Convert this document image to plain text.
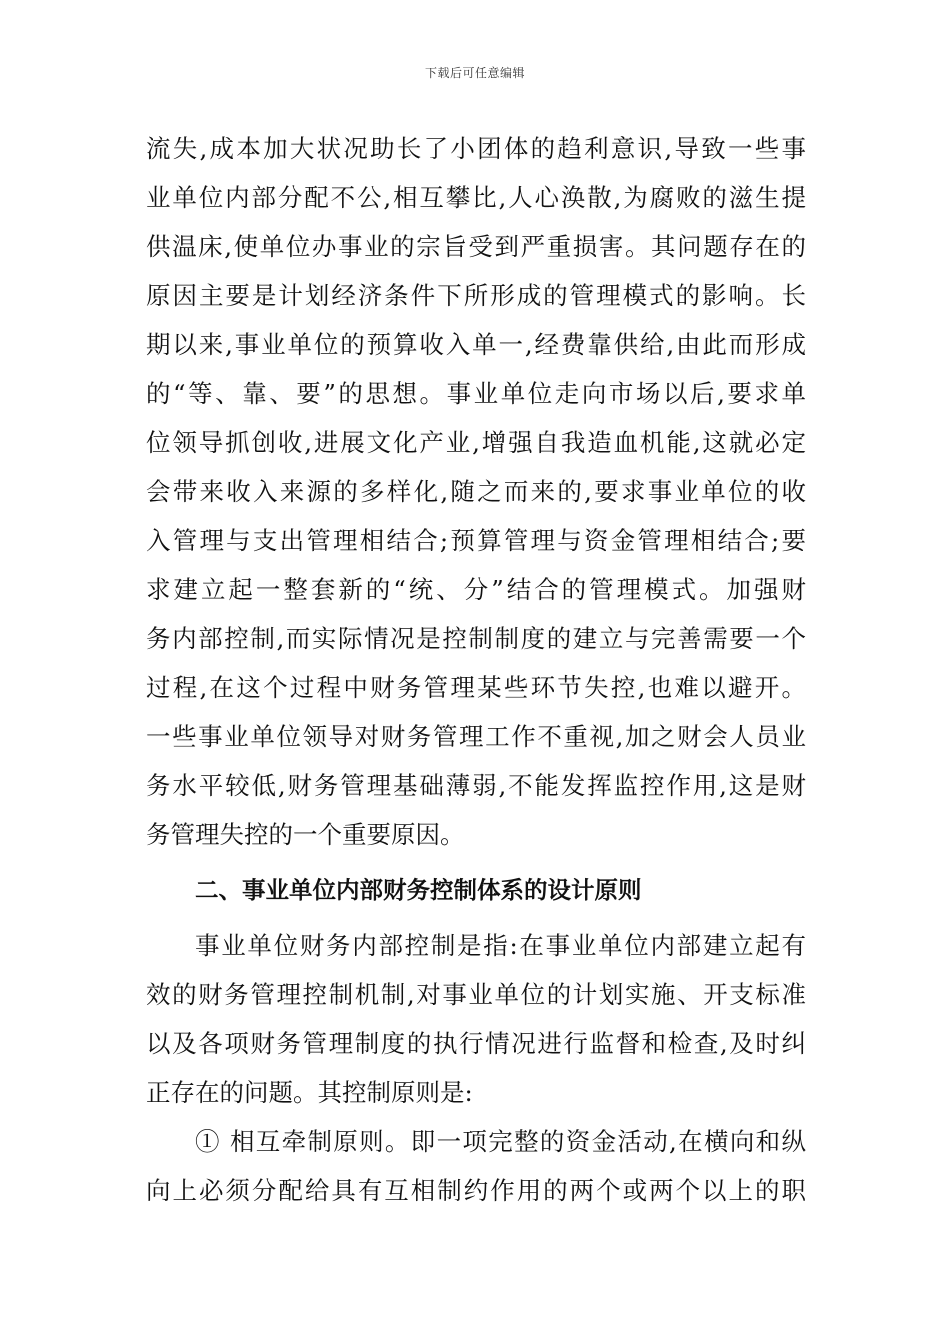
下载后可任意编辑
流失,成本加大状况助长了小团体的趋利意识,导致一些事
业单位内部分配不公,相互攀比,人心涣散,为腐败的滋生提
供温床,使单位办事业的宗旨受到严重损害。其问题存在的
原因主要是计划经济条件下所形成的管理模式的影响。长
期以来,事业单位的预算收入单一,经费靠供给,由此而形成
的“等、靠、要”的思想。事业单位走向市场以后,要求单
位领导抓创收,进展文化产业,增强自我造血机能,这就必定
会带来收入来源的多样化,随之而来的,要求事业单位的收
入管理与支出管理相结合;预算管理与资金管理相结合;要
求建立起一整套新的“统、分”结合的管理模式。加强财
务内部控制,而实际情况是控制制度的建立与完善需要一个
过程,在这个过程中财务管理某些环节失控,也难以避开。
一些事业单位领导对财务管理工作不重视,加之财会人员业
务水平较低,财务管理基础薄弱,不能发挥监控作用,这是财
务管理失控的一个重要原因。
二、事业单位内部财务控制体系的设计原则
事业单位财务内部控制是指:在事业单位内部建立起有
效的财务管理控制机制,对事业单位的计划实施、开支标准
以及各项财务管理制度的执行情况进行监督和检查,及时纠
正存在的问题。其控制原则是:
① 相互牵制原则。即一项完整的资金活动,在横向和纵
向上必须分配给具有互相制约作用的两个或两个以上的职
